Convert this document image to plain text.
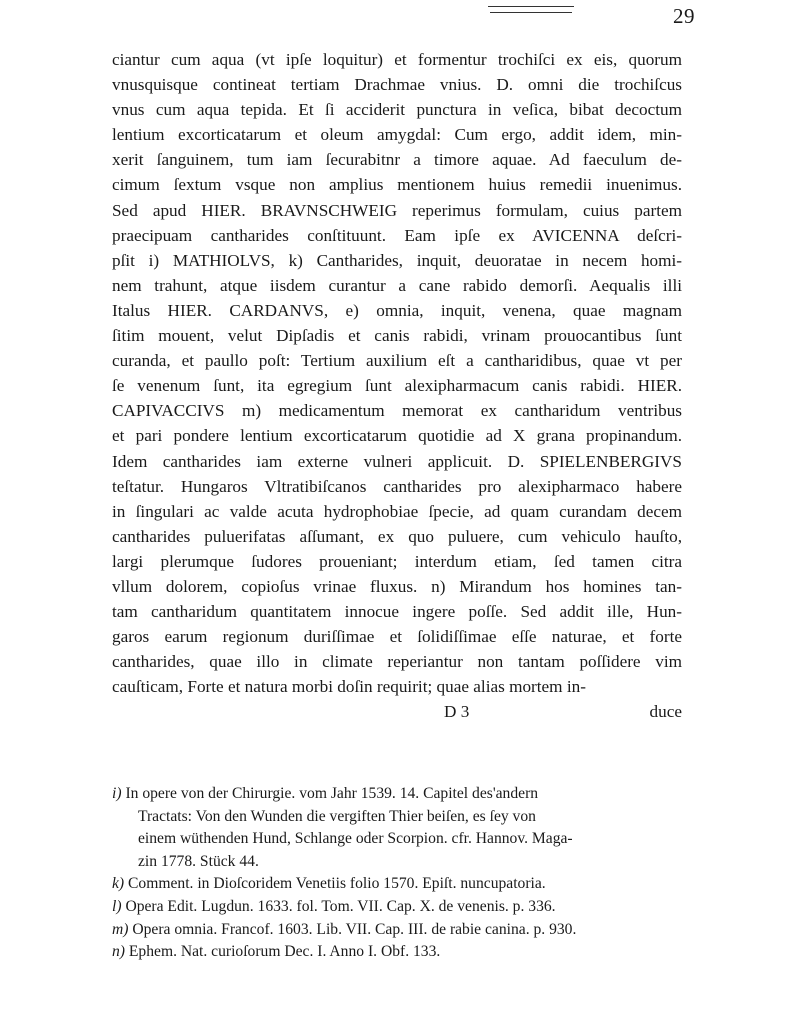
29
ciantur cum aqua (vt ipſe loquitur) et formentur trochiſci ex eis, quorum
vnusquisque contineat tertiam Drachmae vnius. D. omni die trochiſcus
vnus cum aqua tepida. Et ſi acciderit punctura in veſica, bibat decoctum
lentium excorticatarum et oleum amygdal: Cum ergo, addit idem, min-
xerit ſanguinem, tum iam ſecurabitnr a timore aquae. Ad faeculum de-
cimum ſextum vsque non amplius mentionem huius remedii inuenimus.
Sed apud HIER. BRAVNSCHWEIG reperimus formulam, cuius partem
praecipuam cantharides conſtituunt. Eam ipſe ex AVICENNA deſcri-
pſit i) MATHIOLVS, k) Cantharides, inquit, deuoratae in necem homi-
nem trahunt, atque iisdem curantur a cane rabido demorſi. Aequalis illi
Italus HIER. CARDANVS, e) omnia, inquit, venena, quae magnam
ſitim mouent, velut Dipſadis et canis rabidi, vrinam prouocantibus ſunt
curanda, et paullo poſt: Tertium auxilium eſt a cantharidibus, quae vt per
ſe venenum ſunt, ita egregium ſunt alexipharmacum canis rabidi. HIER.
CAPIVACCIVS m) medicamentum memorat ex cantharidum ventribus
et pari pondere lentium excorticatarum quotidie ad X grana propinandum.
Idem cantharides iam externe vulneri applicuit. D. SPIELENBERGIVS
teſtatur. Hungaros Vltratibiſcanos cantharides pro alexipharmaco habere
in ſingulari ac valde acuta hydrophobiae ſpecie, ad quam curandam decem
cantharides puluerifatas aſſumant, ex quo puluere, cum vehiculo hauſto,
largi plerumque ſudores proueniant; interdum etiam, ſed tamen citra
vllum dolorem, copioſus vrinae fluxus. n) Mirandum hos homines tan-
tam cantharidum quantitatem innocue ingere poſſe. Sed addit ille, Hun-
garos earum regionum duriſſimae et ſolidiſſimae eſſe naturae, et forte
cantharides, quae illo in climate reperiantur non tantam poſſidere vim
cauſticam, Forte et natura morbi doſin requirit; quae alias mortem in-
D 3	duce
i) In opere von der Chirurgie. vom Jahr 1539. 14. Capitel des'andern
Tractats: Von den Wunden die vergiften Thier beiſen, es ſey von
einem wüthenden Hund, Schlange oder Scorpion. cfr. Hannov. Maga-
zin 1778. Stück 44.
k) Comment. in Dioſcoridem Venetiis folio 1570. Epiſt. nuncupatoria.
l) Opera Edit. Lugdun. 1633. fol. Tom. VII. Cap. X. de venenis. p. 336.
m) Opera omnia. Francof. 1603. Lib. VII. Cap. III. de rabie canina. p. 930.
n) Ephem. Nat. curioſorum Dec. I. Anno I. Obf. 133.
